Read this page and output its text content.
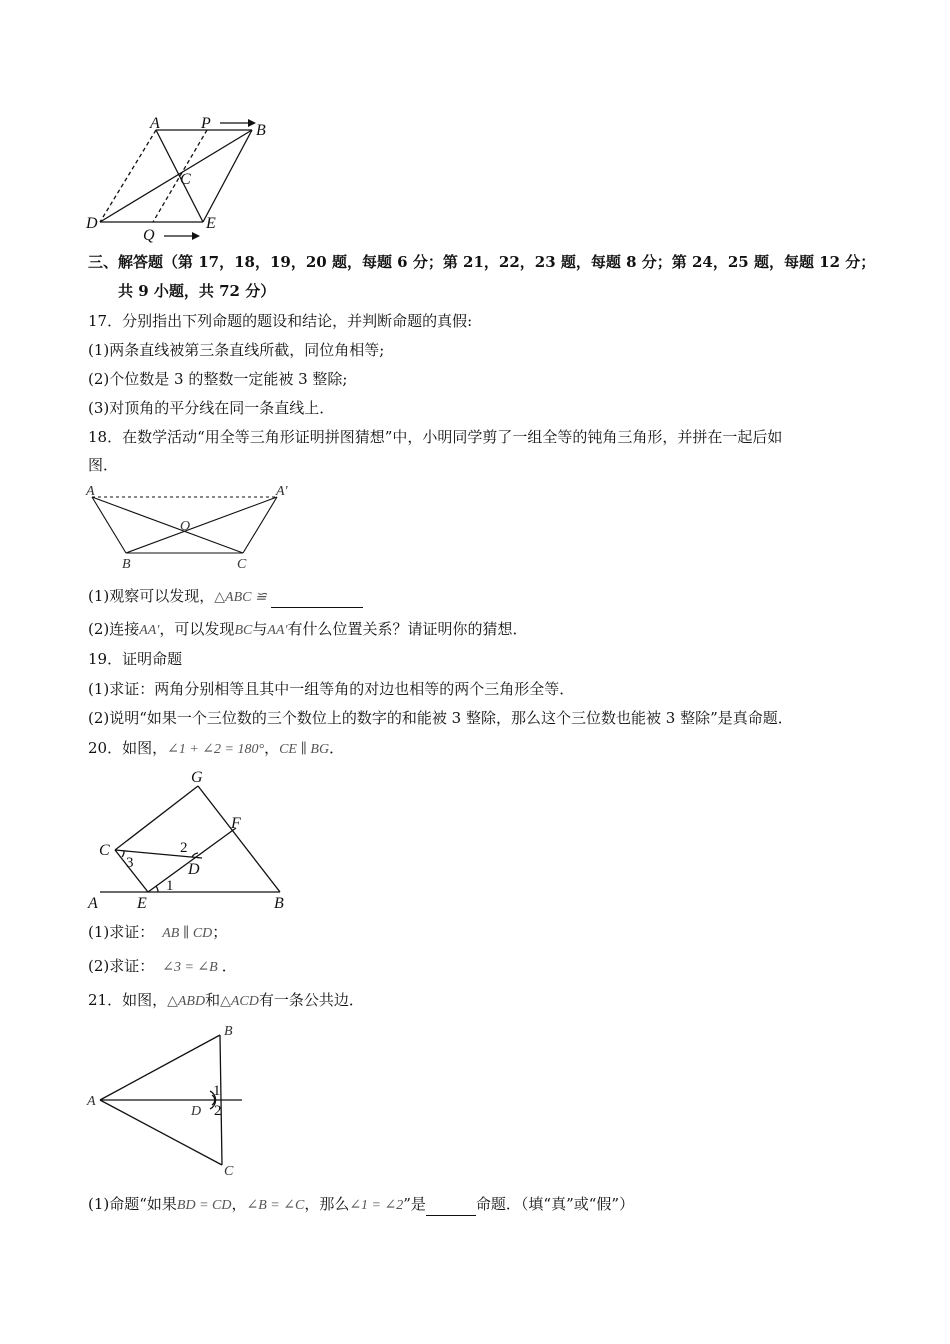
A	P	B
C
D	E
Q
三、解答题（第 17，18，19，20 题，每题 6 分；第 21，22，23 题，每题 8 分；第 24，25 题，每题 12 分；
共 9 小题，共 72 分）
17．分别指出下列命题的题设和结论，并判断命题的真假:
(1)两条直线被第三条直线所截，同位角相等;
(2)个位数是 3 的整数一定能被 3 整除;
(3)对顶角的平分线在同一条直线上．
18．在数学活动“用全等三角形证明拼图猜想”中，小明同学剪了一组全等的钝角三角形，并拼在一起后如
图．
A	A′
O
B	C
(1)观察可以发现，△ABC ≌
(2)连接AA′，可以发现BC与AA′有什么位置关系？请证明你的猜想．
19．证明命题
(1)求证：两角分别相等且其中一组等角的对边也相等的两个三角形全等．
(2)说明“如果一个三位数的三个数位上的数字的和能被 3 整除，那么这个三位数也能被 3 整除”是真命题．
20．如图，∠1 + ∠2 = 180°，CE ∥ BG．
G
F
C	2
3	D
1
A E	B
(1)求证： AB ∥ CD；
(2)求证： ∠3 = ∠B ．
21．如图，△ABD和△ACD有一条公共边．
B
A
1
D 2
C
(1)命题“如果BD = CD，∠B = ∠C，那么∠1 = ∠2”是	命题．（填“真”或“假”）
